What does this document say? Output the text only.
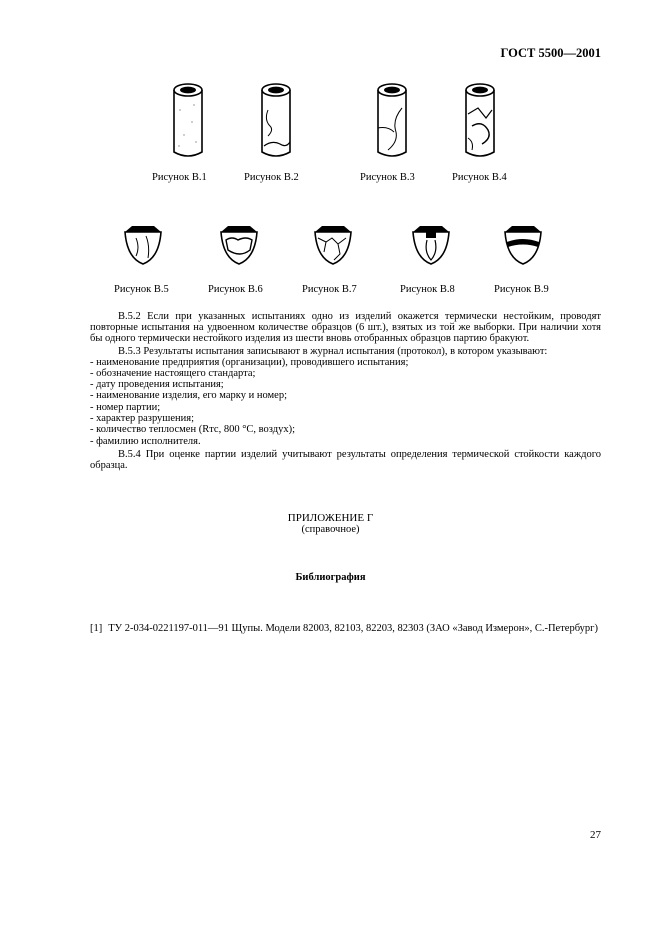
ГОСТ 5500—2001
Рисунок В.1	Рисунок В.2	Рисунок В.3	Рисунок В.4
Рисунок В.5	Рисунок В.6	Рисунок В.7	Рисунок В.8	Рисунок В.9

В.5.2 Если при указанных испытаниях одно из изделий окажется термически нестойким, проводят
повторные испытания на удвоенном количестве образцов (6 шт.), взятых из той же выборки. При наличии хотя
бы одного термически нестойкого изделия из шести вновь отобранных образцов партию бракуют.

В.5.3 Результаты испытания записывают в журнал испытания (протокол), в котором указывают:
- наименование предприятия (организации), проводившего испытания;
- обозначение настоящего стандарта;
- дату проведения испытания;
- наименование изделия, его марку и номер;
- номер партии;
- характер разрушения;
- количество теплосмен (Rтс, 800 °С, воздух);
- фамилию исполнителя.

В.5.4 При оценке партии изделий учитывают результаты определения термической стойкости каждого
образца.

ПРИЛОЖЕНИЕ Г
(справочное)
Библиография
[1] ТУ 2-034-0221197-011—91 Щупы. Модели 82003, 82103, 82203, 82303 (ЗАО «Завод Измерон», С.-Петербург)
27
